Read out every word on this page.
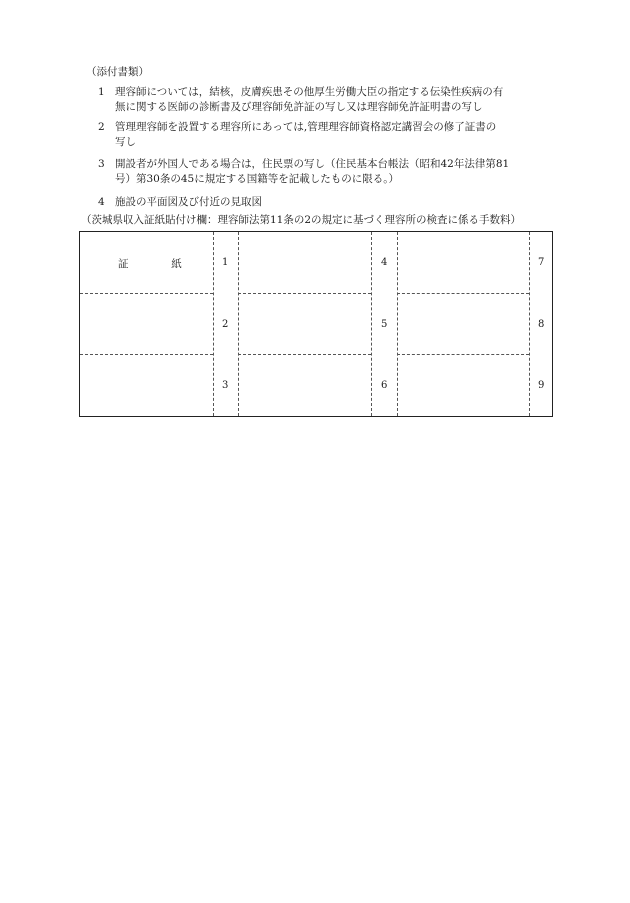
（添付書類）
1 理容師については，結核，皮膚疾患その他厚生労働大臣の指定する伝染性疾病の有
無に関する医師の診断書及び理容師免許証の写し又は理容師免許証明書の写し
2 管理理容師を設置する理容所にあっては,管理理容師資格認定講習会の修了証書の
写し
3 開設者が外国人である場合は，住民票の写し（住民基本台帳法（昭和42年法律第81
号）第30条の45に規定する国籍等を記載したものに限る。）
4 施設の平面図及び付近の見取図
（茨城県収入証紙貼付け欄：理容師法第11条の2の規定に基づく理容所の検査に係る手数料）
証	紙	1
2
3
4
5
6
7
8
9
